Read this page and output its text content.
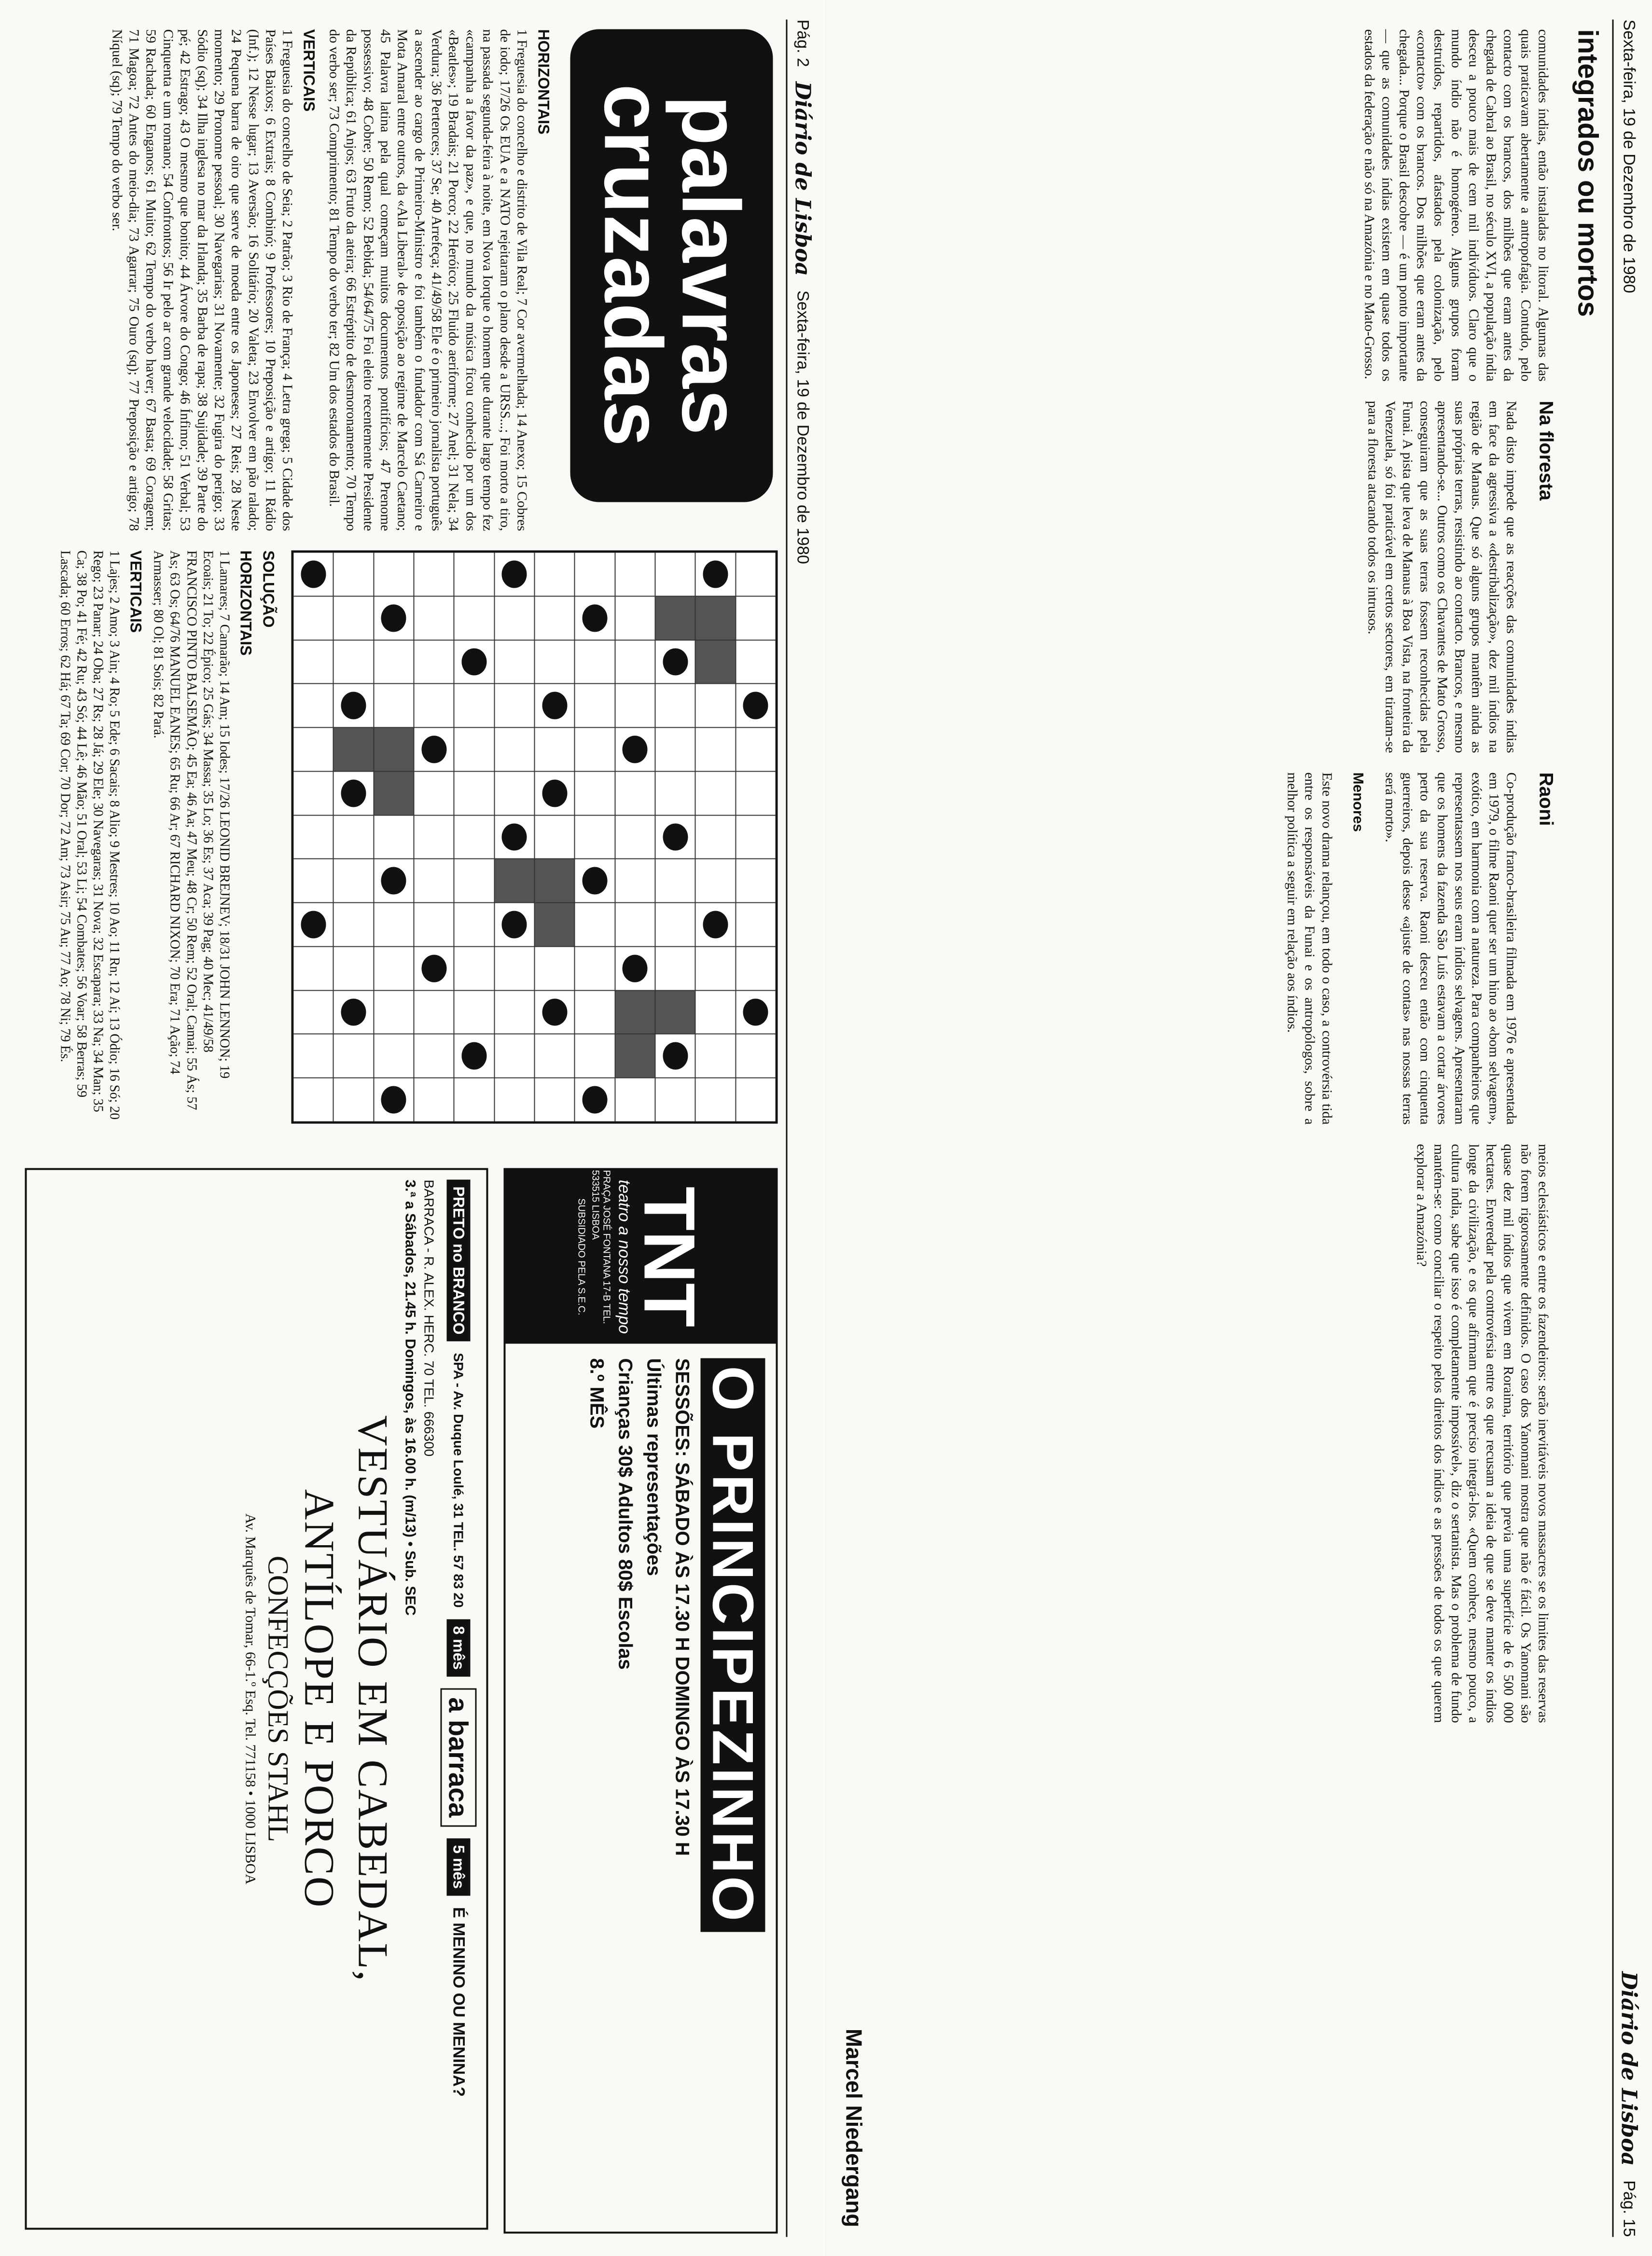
Pág. 2
Diário de Lisboa
Sexta-feira, 19 de Dezembro de 1980
palavras
cruzadas
HORIZONTAIS

1 Freguesia do concelho e distrito de Vila Real; 7 Cor avermelhada; 14 Anexo; 15 Cobres de iodo; 17/26 Os EUA e a NATO rejeitaram o plano desde a URSS...; Foi morto a tiro, na passada segunda-feira à noite, em Nova Iorque o homem que durante largo tempo fez «campanha a favor da paz», e que, no mundo da música ficou conhecido por um dos «Beatles»; 19 Bradais; 21 Porco; 22 Heróico; 25 Fluido aeriforme; 27 Anel; 31 Nela; 34 Verdura; 36 Pertences; 37 Se; 40 Arrefeça; 41/49/58 Ele é o primeiro jornalista português a ascender ao cargo de Primeiro-Ministro e foi também o fundador com Sá Carneiro e Mota Amaral entre outros, da «Ala Liberal» de oposição ao regime de Marcelo Caetano; 45 Palavra latina pela qual começam muitos documentos pontifícios; 47 Prenome possessivo; 48 Cobre; 50 Remo; 52 Bebida; 54/64/75 Foi eleito recentemente Presidente da República; 61 Anjos; 63 Fruto da ateira; 66 Estréptito de desmoronamento; 70 Tempo do verbo ser; 73 Comprimento; 81 Tempo do verbo ter; 82 Um dos estados do Brasil.

VERTICAIS

1 Freguesia do concelho de Seia; 2 Patrão; 3 Rio de França; 4 Letra grega; 5 Cidade dos Países Baixos; 6 Extrais; 8 Combinó; 9 Professores; 10 Preposição e artigo; 11 Rádio (Inf.); 12 Nesse lugar; 13 Aversão; 16 Solitário; 20 Valeta; 23 Envolver em pão ralado; 24 Pequena barra de oiro que serve de moeda entre os Japoneses; 27 Reis; 28 Neste momento; 29 Pronome pessoal; 30 Navegarias; 31 Novamente; 32 Fugira do perigo; 33 Sódio (sq); 34 Ilha inglesa no mar da Irlanda; 35 Barba de rapa; 38 Sujidade; 39 Parte do pé; 42 Estrago; 43 O mesmo que bonito; 44 Árvore do Congo; 46 Ínfimo; 51 Verbal; 53 Cinquenta e um romano; 54 Confrontos; 56 Ir pelo ar com grande velocidade; 58 Gritas; 59 Rachada; 60 Enganos; 61 Muito; 62 Tempo do verbo haver; 67 Basta; 69 Coragem; 71 Magoa; 72 Antes do meio-dia; 73 Agarrar; 75 Ouro (sq); 77 Preposição e artigo; 78 Níquel (sq); 79 Tempo do verbo ser.

SOLUÇÃO
HORIZONTAIS

1 Lamares; 7 Camarão; 14 Am; 15 Iodes; 17/26 LEONID BREJNEV; 18/31 JOHN LENNON; 19 Ecoais; 21 To; 22 Épico; 25 Gás; 34 Massa; 35 Lo; 36 Es; 37 Aca; 39 Pag; 40 Mec; 41/49/58 FRANCISCO PINTO BALSEMÃO; 45 Ea; 46 Aa; 47 Meu; 48 Cr; 50 Rem; 52 Oral; Camai; 55 Ás; 57 As; 63 Os; 64/76 MANUEL EANES; 65 Ru; 66 Ar; 67 RICHARD NIXON; 70 Era; 71 Ação; 74 Armasser; 80 Ol; 81 Sois; 82 Pará.

VERTICAIS

1 Lajes; 2 Amo; 3 Ain; 4 Ro; 5 Ede; 6 Sacais; 8 Alio; 9 Mestres; 10 Ao; 11 Rn; 12 Aí; 13 Ódio; 16 Só; 20 Rego; 23 Panar; 24 Oba; 27 Rs; 28 Já; 29 Ele; 30 Navegaras; 31 Nova; 32 Escapara; 33 Na; 34 Man; 35 Ca; 38 Po; 41 Fé; 42 Ru; 43 Só; 44 Lê; 46 Mão; 51 Oral; 53 Li; 54 Combates; 56 Voar; 58 Berras; 59 Lascada; 60 Erros; 62 Há; 67 Ta; 69 Cor; 70 Dor; 72 Am; 73 Asir; 75 Au; 77 Ao; 78 Ni; 79 És.

TNT
teatro a nosso tempo
PRAÇA JOSÉ FONTANA 17-B TEL. 533515 LISBOA
SUBSIDIADO PELA S.E.C.
O PRINCIPEZINHO
SESSÕES: SÁBADO ÀS 17.30 H DOMINGO ÀS 17.30 H
Últimas representações
Crianças 30$ Adultos 80$ Escolas
8.º MÊS
PRETO no BRANCO
SPA - Av. Duque Loulé, 31 TEL. 57 83 20
8 mês
a barraca
5 mês
É MENINO OU MENINA?
BARRACA - R. ALEX. HERC. 70 TEL. 666300
3.ª a Sábados, 21.45 h. Domingos, às 16.00 h. (m/13) • Sub. SEC
VESTUÁRIO EM CABEDAL,
ANTÍLOPE E PORCO
CONFECÇÕES STAHL
Av. Marquês de Tomar, 66-1.º Esq. Tel. 771158 • 1000 LISBOA
Sexta-feira, 19 de Dezembro de 1980
Diário de Lisboa
Pág. 15
integrados ou mortos

comunidades índias, então instaladas no litoral. Algumas das quais praticavam abertamente a antropofagia. Contudo, pelo contacto com os brancos, dos milhões que eram antes da chegada de Cabral ao Brasil, no século XVI, a população índia desceu a pouco mais de cem mil indivíduos. Claro que o mundo índio não é homogéneo. Alguns grupos foram destruídos, repartidos, afastados pela colonização, pelo «contacto» com os brancos. Dos milhões que eram antes da chegada... Porque o Brasil descobre — é um ponto importante — que as comunidades índias existem em quase todos os estados da federação e não só na Amazónia e no Mato-Grosso.

Na floresta

Nada disto impede que as reacções das comunidades índias em face da agressiva a «destribalização», dez mil índios na região de Manaus. Que só alguns grupos mantêm ainda as suas próprias terras, resistindo ao contacto. Brancos, e mesmo apresentando-se... Outros como os Chavantes de Mato Grosso, conseguiram que as suas terras fossem reconhecidas pela Funai. A pista que leva de Manaus à Boa Vista, na fronteira da Venezuela, só foi praticável em certos sectores, em tiratam-se para a floresta atacando todos os intrusos.

Raoni

Co-produção franco-brasileira filmada em 1976 e apresentada em 1979, o filme Raoni quer ser um hino ao «bom selvagem», exótico, em harmonia com a natureza. Para companheiros que representassem nos seus eram índios selvagens. Apresentaram que os homens da fazenda São Luís estavam a cortar árvores perto da sua reserva. Raoni desceu então com cinquenta guerreiros, depois desse «ajuste de contas» nas nossas terras será morto».

Menores

Este novo drama relançou, em todo o caso, a controvérsia tida entre os responsáveis da Funai e os antropólogos, sobre a melhor política a seguir em relação aos índios.

meios eclesiásticos e entre os fazendeiros: serão inevitáveis novos massacres se os limites das reservas não forem rigorosamente definidos. O caso dos Yanomani mostra que não é fácil. Os Yanomani são quase dez mil índios que vivem em Roraima, território que previa uma superfície de 6 500 000 hectares. Enveredar pela controvérsia entre os que recusam a ideia de que se deve manter os índios longe da civilização, e os que afirmam que é preciso integrá-los. «Quem conhece, mesmo pouco, a cultura índia, sabe que isso é completamente impossível», diz o sertanista. Mas o problema de fundo mantém-se: como conciliar o respeito pelos direitos dos índios e as pressões de todos os que querem explorar a Amazónia?

Marcel Niedergang
